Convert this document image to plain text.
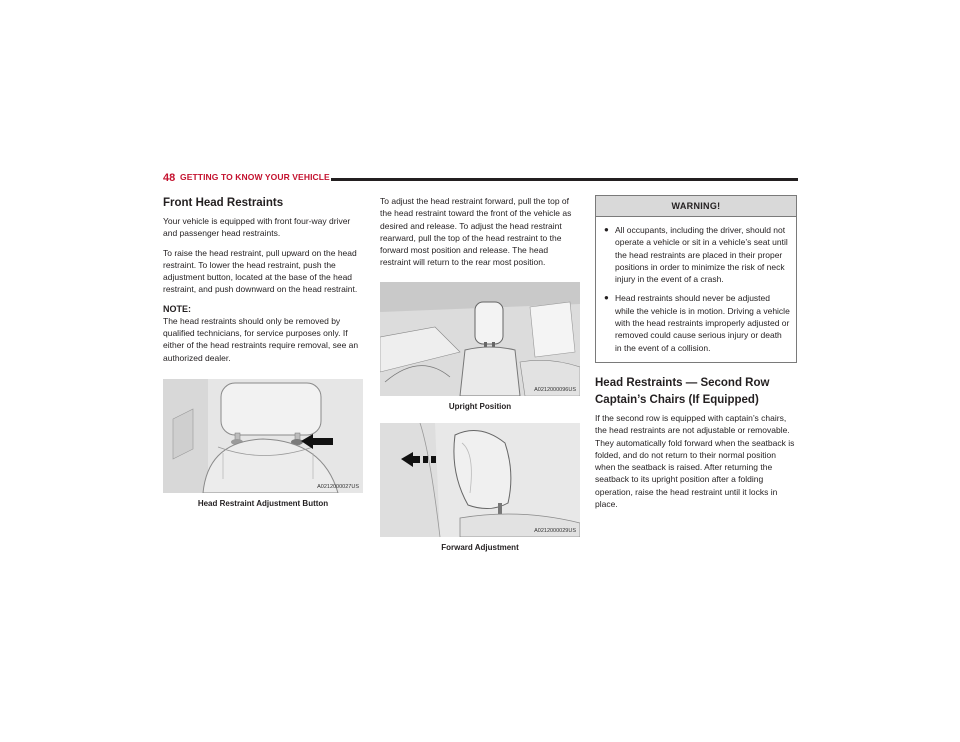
48 GETTING TO KNOW YOUR VEHICLE
Front Head Restraints

Your vehicle is equipped with front four-way driver and passenger head restraints.

To raise the head restraint, pull upward on the head restraint. To lower the head restraint, push the adjustment button, located at the base of the head restraint, and push downward on the head restraint.

NOTE:

The head restraints should only be removed by qualified technicians, for service purposes only. If either of the head restraints require removal, see an authorized dealer.

A0212000027US
Head Restraint Adjustment Button

To adjust the head restraint forward, pull the top of the head restraint toward the front of the vehicle as desired and release. To adjust the head restraint rearward, pull the top of the head restraint to the forward most position and release. The head restraint will return to the rear most position.

A0212000096US
Upright Position
A0212000029US
Forward Adjustment
WARNING!
● All occupants, including the driver, should not operate a vehicle or sit in a vehicle’s seat until the head restraints are placed in their proper positions in order to minimize the risk of neck injury in the event of a crash.
● Head restraints should never be adjusted while the vehicle is in motion. Driving a vehicle with the head restraints improperly adjusted or removed could cause serious injury or death in the event of a collision.
Head Restraints — Second Row Captain’s Chairs (If Equipped)

If the second row is equipped with captain’s chairs, the head restraints are not adjustable or removable. They automatically fold forward when the seatback is folded, and do not return to their normal position when the seatback is raised. After returning the seatback to its upright position after a folding operation, raise the head restraint until it locks in place.
